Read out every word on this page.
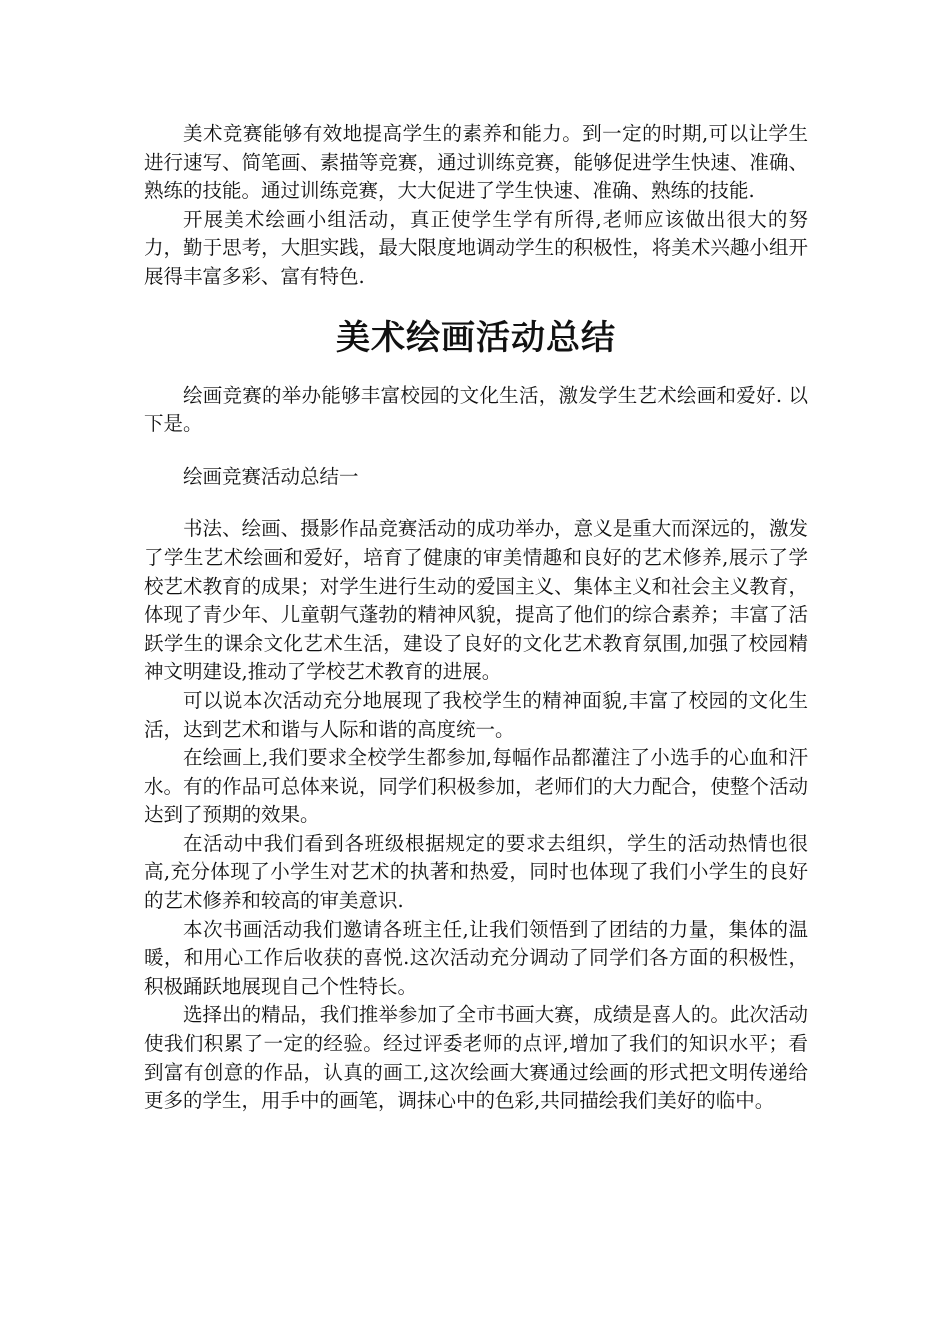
美术竞赛能够有效地提高学生的素养和能力。到一定的时期,可以让学生进行速写、简笔画、素描等竞赛，通过训练竞赛，能够促进学生快速、准确、熟练的技能。通过训练竞赛，大大促进了学生快速、准确、熟练的技能.

开展美术绘画小组活动，真正使学生学有所得,老师应该做出很大的努力，勤于思考，大胆实践，最大限度地调动学生的积极性，将美术兴趣小组开展得丰富多彩、富有特色.

美术绘画活动总结

绘画竞赛的举办能够丰富校园的文化生活，激发学生艺术绘画和爱好. 以下是。

绘画竞赛活动总结一

书法、绘画、摄影作品竞赛活动的成功举办，意义是重大而深远的，激发了学生艺术绘画和爱好，培育了健康的审美情趣和良好的艺术修养,展示了学校艺术教育的成果；对学生进行生动的爱国主义、集体主义和社会主义教育，体现了青少年、儿童朝气蓬勃的精神风貌，提高了他们的综合素养；丰富了活跃学生的课余文化艺术生活，建设了良好的文化艺术教育氛围,加强了校园精神文明建设,推动了学校艺术教育的进展。

可以说本次活动充分地展现了我校学生的精神面貌,丰富了校园的文化生活，达到艺术和谐与人际和谐的高度统一。

在绘画上,我们要求全校学生都参加,每幅作品都灌注了小选手的心血和汗水。有的作品可总体来说，同学们积极参加，老师们的大力配合，使整个活动达到了预期的效果。

在活动中我们看到各班级根据规定的要求去组织，学生的活动热情也很高,充分体现了小学生对艺术的执著和热爱，同时也体现了我们小学生的良好的艺术修养和较高的审美意识.

本次书画活动我们邀请各班主任,让我们领悟到了团结的力量，集体的温暖，和用心工作后收获的喜悦.这次活动充分调动了同学们各方面的积极性，积极踊跃地展现自己个性特长。

选择出的精品，我们推举参加了全市书画大赛，成绩是喜人的。此次活动使我们积累了一定的经验。经过评委老师的点评,增加了我们的知识水平；看到富有创意的作品，认真的画工,这次绘画大赛通过绘画的形式把文明传递给更多的学生，用手中的画笔，调抹心中的色彩,共同描绘我们美好的临中。
